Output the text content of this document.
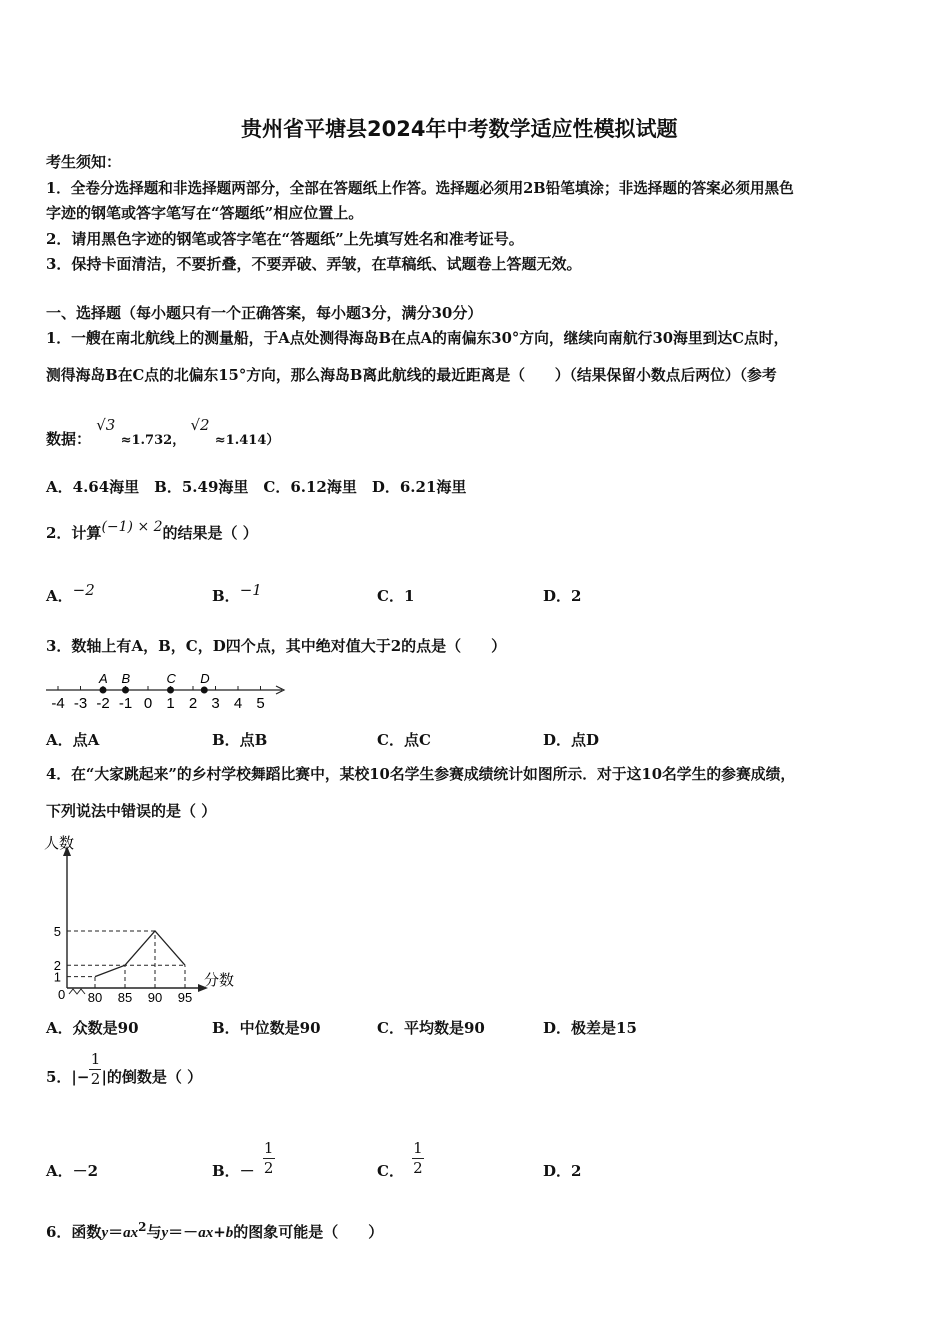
贵州省平塘县2024年中考数学适应性模拟试题
考生须知：
1．全卷分选择题和非选择题两部分，全部在答题纸上作答。选择题必须用2B铅笔填涂；非选择题的答案必须用黑色
字迹的钢笔或答字笔写在“答题纸”相应位置上。
2．请用黑色字迹的钢笔或答字笔在“答题纸”上先填写姓名和准考证号。
3．保持卡面清洁，不要折叠，不要弄破、弄皱，在草稿纸、试题卷上答题无效。
一、选择题（每小题只有一个正确答案，每小题3分，满分30分）
1．一艘在南北航线上的测量船，于A点处测得海岛B在点A的南偏东30°方向，继续向南航行30海里到达C点时，
测得海岛B在C点的北偏东15°方向，那么海岛B离此航线的最近距离是（　　）（结果保留小数点后两位）（参考
数据： √3 ≈1.732， √2 ≈1.414）
A．4.64海里　B．5.49海里　C．6.12海里　D．6.21海里
2．计算(−1) × 2的结果是（ ）
A．−2	B．−1	C．1	D．2
3．数轴上有A，B，C，D四个点，其中绝对值大于2的点是（　　）
-4 -3 -2 -1 0 1 2 3 4 5
A B	C D
A．点A	B．点B	C．点C	D．点D
4．在“大家跳起来”的乡村学校舞蹈比赛中，某校10名学生参赛成绩统计如图所示．对于这10名学生的参赛成绩，
下列说法中错误的是（ ）
人数
分数
0 80 85 90 95
1
2
5
A．众数是90	B．中位数是90	C．平均数是90	D．极差是15
5．|− $\frac{1}{2}$ |的倒数是（ ）
A．－2	B．－ $\frac{1}{2}$	C． $\frac{1}{2}$	D．2
6．函数$y=ax^2$与y＝－ax+b的图象可能是（　　）
